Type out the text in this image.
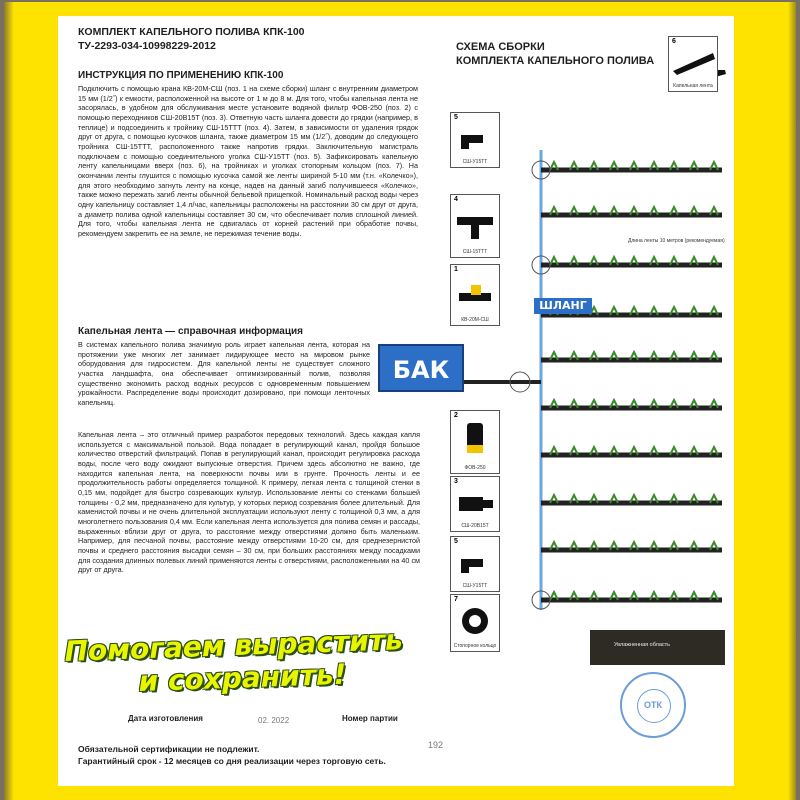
КОМПЛЕКТ КАПЕЛЬНОГО ПОЛИВА КПК-100
ТУ-2293-034-10998229-2012
ИНСТРУКЦИЯ ПО ПРИМЕНЕНИЮ КПК-100
Подключить с помощью крана КВ-20М-СШ (поз. 1 на схеме сборки) шланг с внутренним диаметром 15 мм (1/2˝) к емкости, расположенной на высоте от 1 м до 8 м. Для того, чтобы капельная лента не засорялась, в удобном для обслуживания месте установите водяной фильтр ФОВ-250 (поз. 2) с помощью переходников СШ-20В15Т (поз. 3). Ответную часть шланга довести до грядки (например, в теплице) и подсоединить к тройнику СШ-15ТТТ (поз. 4). Затем, в зависимости от удаления грядок друг от друга, с помощью кусочков шланга, также диаметром 15 мм (1/2˝), доводим до следующего тройника СШ-15ТТТ, расположенного также напротив грядки. Заключительную магистраль подключаем с помощью соединительного уголка СШ-У15ТТ (поз. 5). Зафиксировать капельную ленту капельницами вверх (поз. 6), на тройниках и уголках стопорным кольцом (поз. 7). На окончании ленты глушится с помощью кусочка самой же ленты шириной 5-10 мм (т.н. «Колечко»), для этого необходимо загнуть ленту на конце, надев на данный загиб получившееся «Колечко», также можно пережать загиб ленты обычной бельевой прищепкой. Номинальный расход воды через одну капельницу составляет 1,4 л/час, капельницы расположены на расстоянии 30 см друг от друга, а диаметр полива одной капельницы составляет 30 см, что обеспечивает полив сплошной линией. Для того, чтобы капельная лента не сдвигалась от корней растений при обработке почвы, рекомендуем закрепить ее на земле, не пережимая течение воды.
Капельная лента — справочная информация
В системах капельного полива значимую роль играет капельная лента, которая на протяжении уже многих лет занимает лидирующее место на мировом рынке оборудования для гидросистем. Для капельной ленты не существует сложного участка ландшафта, она обеспечивает оптимизированный полив, позволяя существенно экономить расход водных ресурсов с одновременным повышением урожайности. Распределение воды происходит дозировано, при помощи ленточных капельниц.
Капельная лента – это отличный пример разработок передовых технологий. Здесь каждая капля используется с максимальной пользой. Вода попадает в регулирующий канал, пройдя большое количество отверстий фильтраций. Попав в регулирующий канал, происходит регулировка расхода воды, после чего воду ожидают выпускные отверстия. Причем здесь абсолютно не важно, где находится капельная лента, на поверхности почвы или в грунте. Прочность ленты и ее продолжительность работы определяется толщиной. К примеру, легкая лента с толщиной стенки в 0,15 мм, подойдет для быстро созревающих культур. Использование ленты со стенками большей толщины - 0,2 мм, предназначено для культур, у которых период созревания более длительный. Для каменистой почвы и не очень длительной эксплуатации используют ленту с толщиной 0,3 мм, а для многолетнего пользования 0,4 мм. Если капельная лента используется для полива семян и рассады, выраженных вблизи друг от друга, то расстояние между отверстиями должно быть маленьким. Например, для песчаной почвы, расстояние между отверстиями 10-20 см, для среднезернистой почвы и среднего расстояния высадки семян – 30 см, при больших расстояниях между посадками для создания длинных полевых линий применяются ленты с отверстиями, расположенными на 40 см друг от друга.
Помогаем вырастить
и сохранить!
Дата изготовления	02. 2022	Номер партии
192
Обязательной сертификации не подлежит.
Гарантийный срок - 12 месяцев со дня реализации через торговую сеть.
СХЕМА СБОРКИ
КОМПЛЕКТА КАПЕЛЬНОГО ПОЛИВА
Длина ленты 10 метров (рекомендуемая)
Увлажненная область
БАК
ШЛАНГ
6
Капельная лента
5
СШ-У15ТТ
4
СШ-15ТТТ
1
КВ-20М-СШ
2
ФОВ-250
3
СШ-20В15Т
5
СШ-У15ТТ
7
Стопорное кольцо
ОТК
